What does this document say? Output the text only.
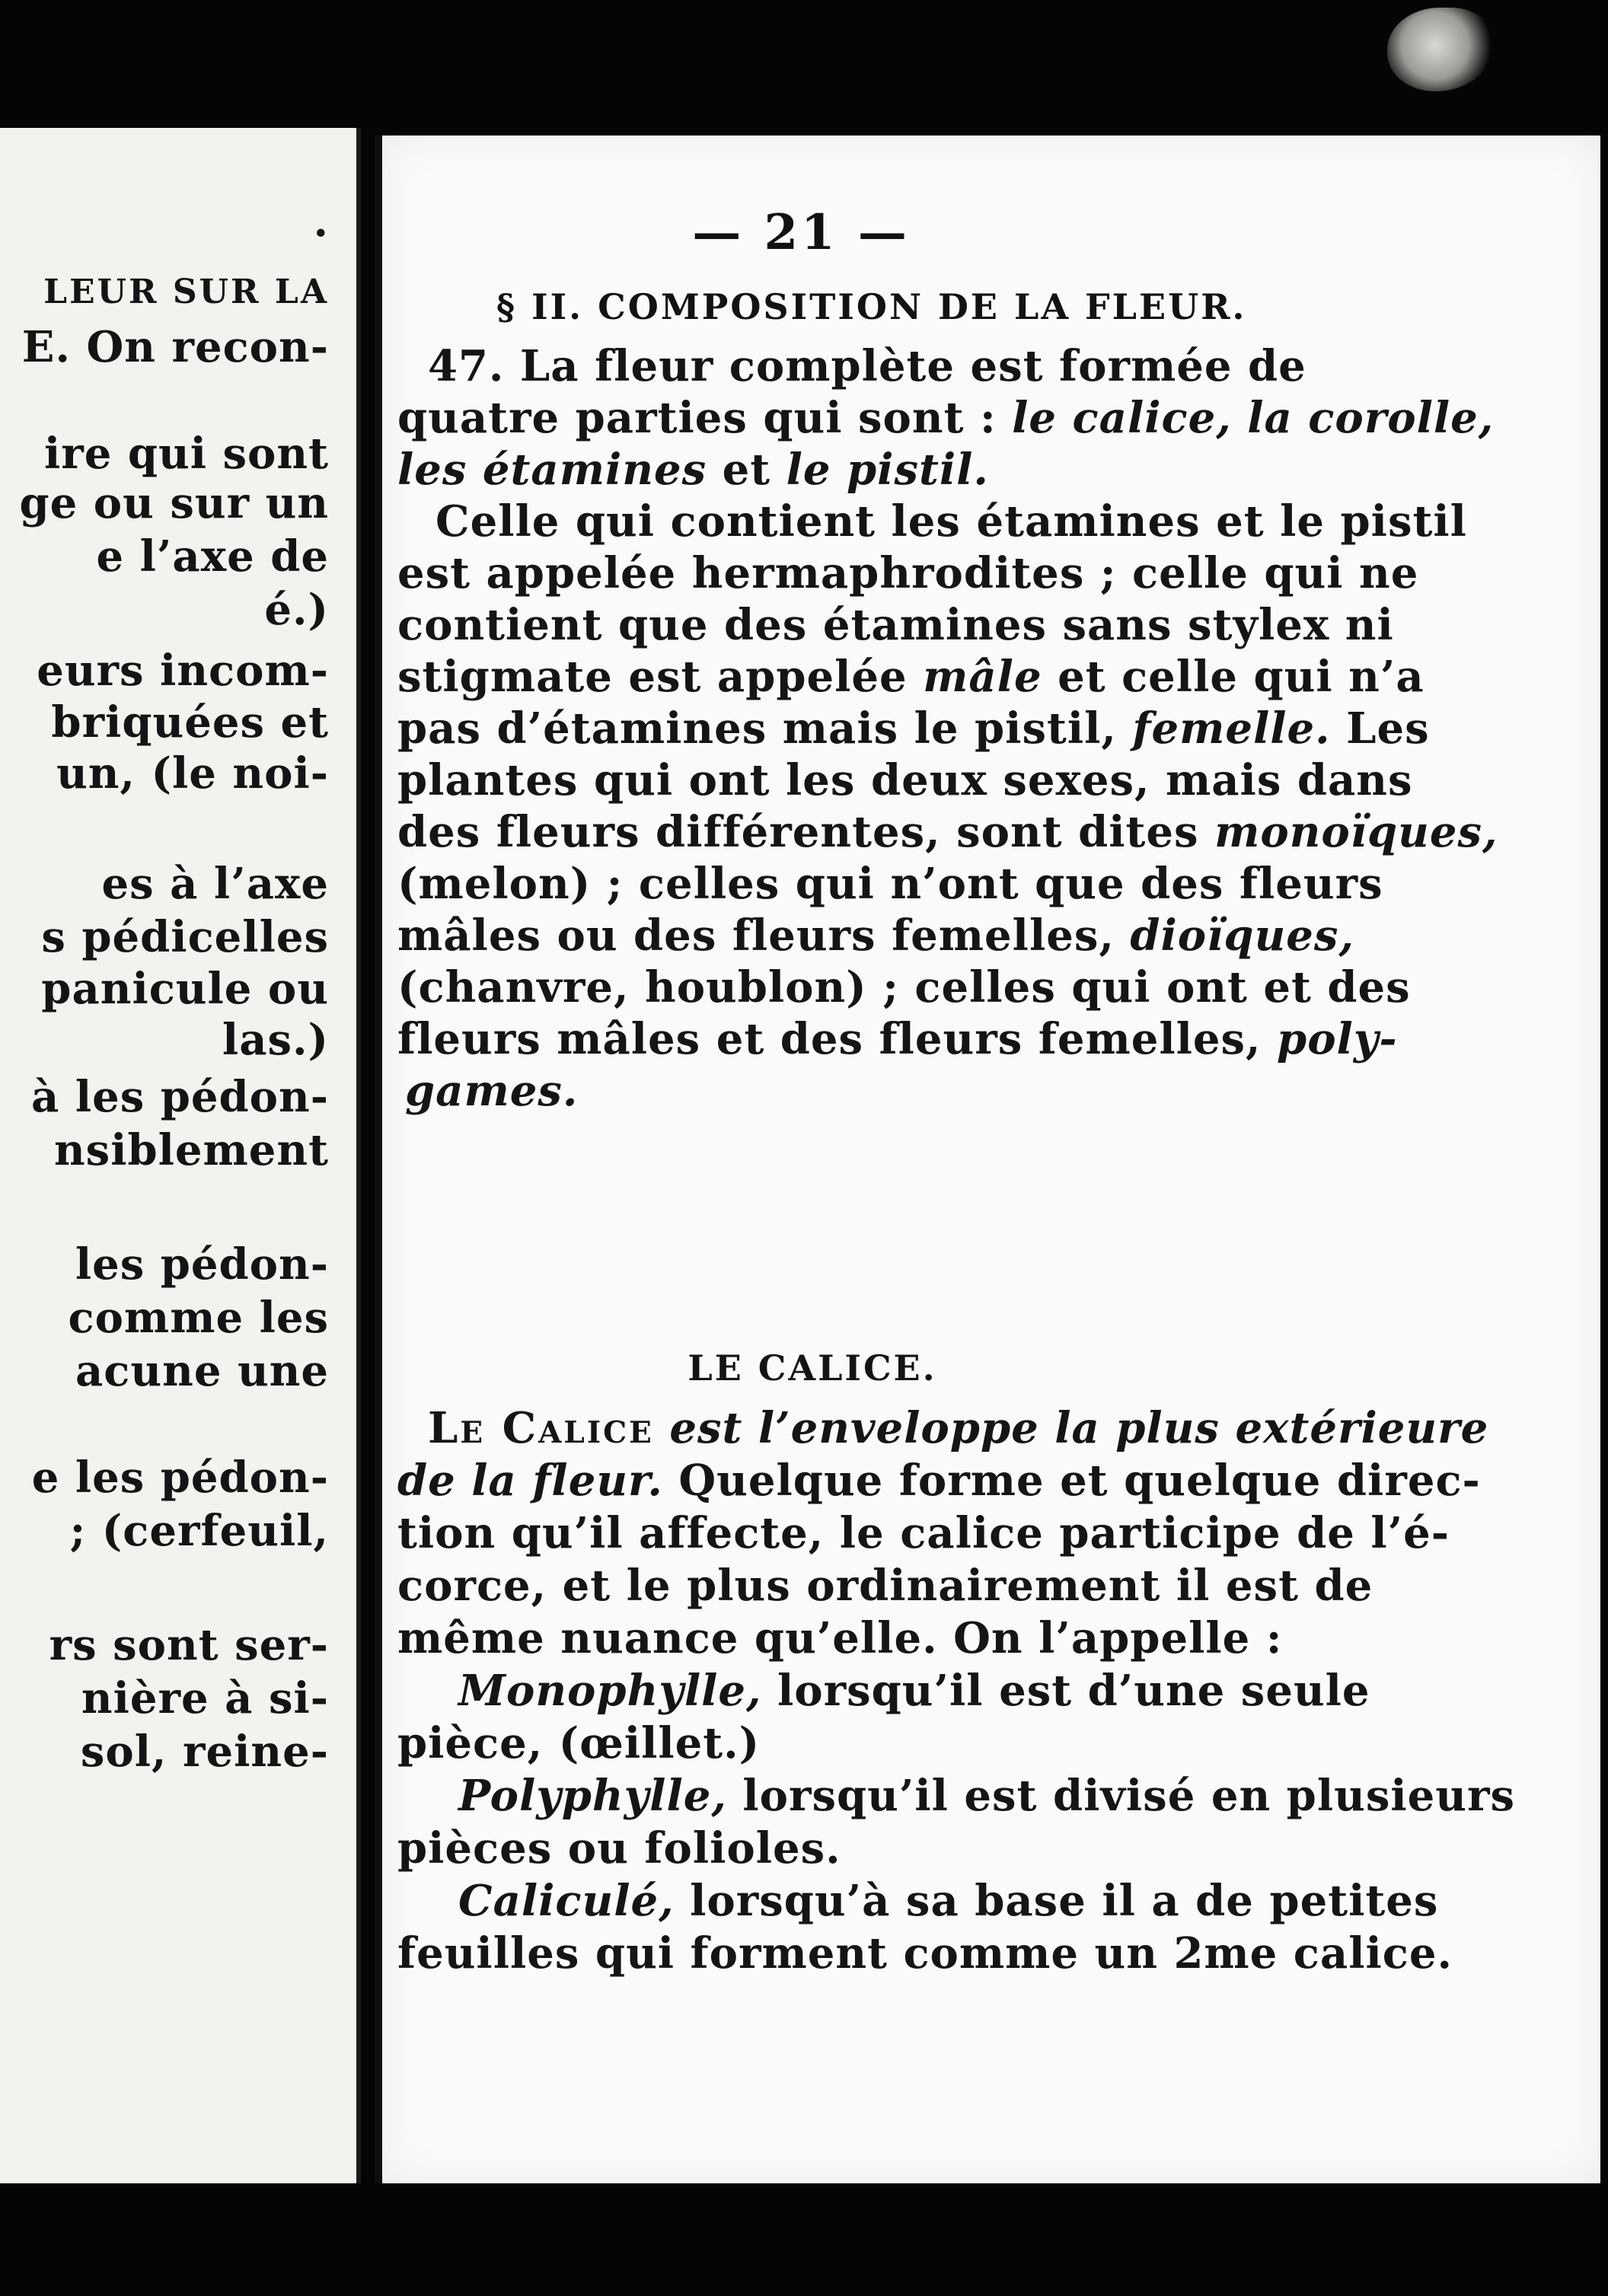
.
LEUR SUR LA
E. On recon-
ire qui sont
ge ou sur un
e l’axe de
é.)
eurs incom-
briquées et
un, (le noi-
es à l’axe
s pédicelles
panicule ou
las.)
à les pédon-
nsiblement
les pédon-
comme les
acune une
e les pédon-
; (cerfeuil,
rs sont ser-
nière à si-
sol, reine-
— 21 —
§ II. COMPOSITION DE LA FLEUR.
47. La fleur complète est formée de
quatre parties qui sont : le calice, la corolle,
les étamines et le pistil.
Celle qui contient les étamines et le pistil
est appelée hermaphrodites ; celle qui ne
contient que des étamines sans stylex ni
stigmate est appelée mâle et celle qui n’a
pas d’étamines mais le pistil, femelle. Les
plantes qui ont les deux sexes, mais dans
des fleurs différentes, sont dites monoïques,
(melon) ; celles qui n’ont que des fleurs
mâles ou des fleurs femelles, dioïques,
(chanvre, houblon) ; celles qui ont et des
fleurs mâles et des fleurs femelles, poly-
games.
LE CALICE.
Le Calice est l’enveloppe la plus extérieure
de la fleur. Quelque forme et quelque direc-
tion qu’il affecte, le calice participe de l’é-
corce, et le plus ordinairement il est de
même nuance qu’elle. On l’appelle :
Monophylle, lorsqu’il est d’une seule
pièce, (œillet.)
Polyphylle, lorsqu’il est divisé en plusieurs
pièces ou folioles.
Caliculé, lorsqu’à sa base il a de petites
feuilles qui forment comme un 2me calice.
